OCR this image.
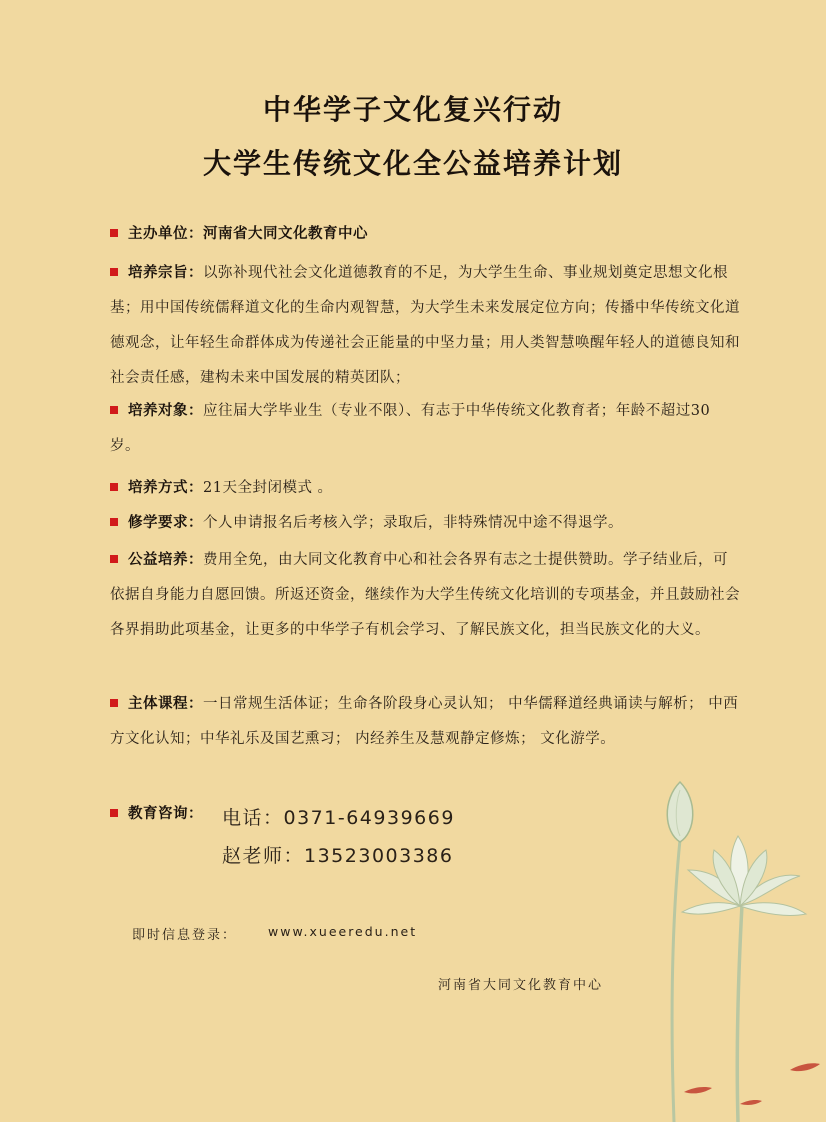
中华学子文化复兴行动
大学生传统文化全公益培养计划
主办单位：河南省大同文化教育中心
培养宗旨：以弥补现代社会文化道德教育的不足，为大学生生命、事业规划奠定思想文化根基；用中国传统儒释道文化的生命内观智慧，为大学生未来发展定位方向；传播中华传统文化道德观念，让年轻生命群体成为传递社会正能量的中坚力量；用人类智慧唤醒年轻人的道德良知和社会责任感，建构未来中国发展的精英团队；
培养对象：应往届大学毕业生（专业不限）、有志于中华传统文化教育者；年龄不超过30岁。
培养方式：21天全封闭模式 。
修学要求：个人申请报名后考核入学；录取后，非特殊情况中途不得退学。
公益培养：费用全免，由大同文化教育中心和社会各界有志之士提供赞助。学子结业后，可依据自身能力自愿回馈。所返还资金，继续作为大学生传统文化培训的专项基金，并且鼓励社会各界捐助此项基金，让更多的中华学子有机会学习、了解民族文化，担当民族文化的大义。
主体课程：一日常规生活体证；生命各阶段身心灵认知； 中华儒释道经典诵读与解析； 中西方文化认知；中华礼乐及国艺熏习； 内经养生及慧观静定修炼； 文化游学。
教育咨询：	电话：0371-64939669
赵老师：13523003386
即时信息登录： www.xueeredu.net
河南省大同文化教育中心
